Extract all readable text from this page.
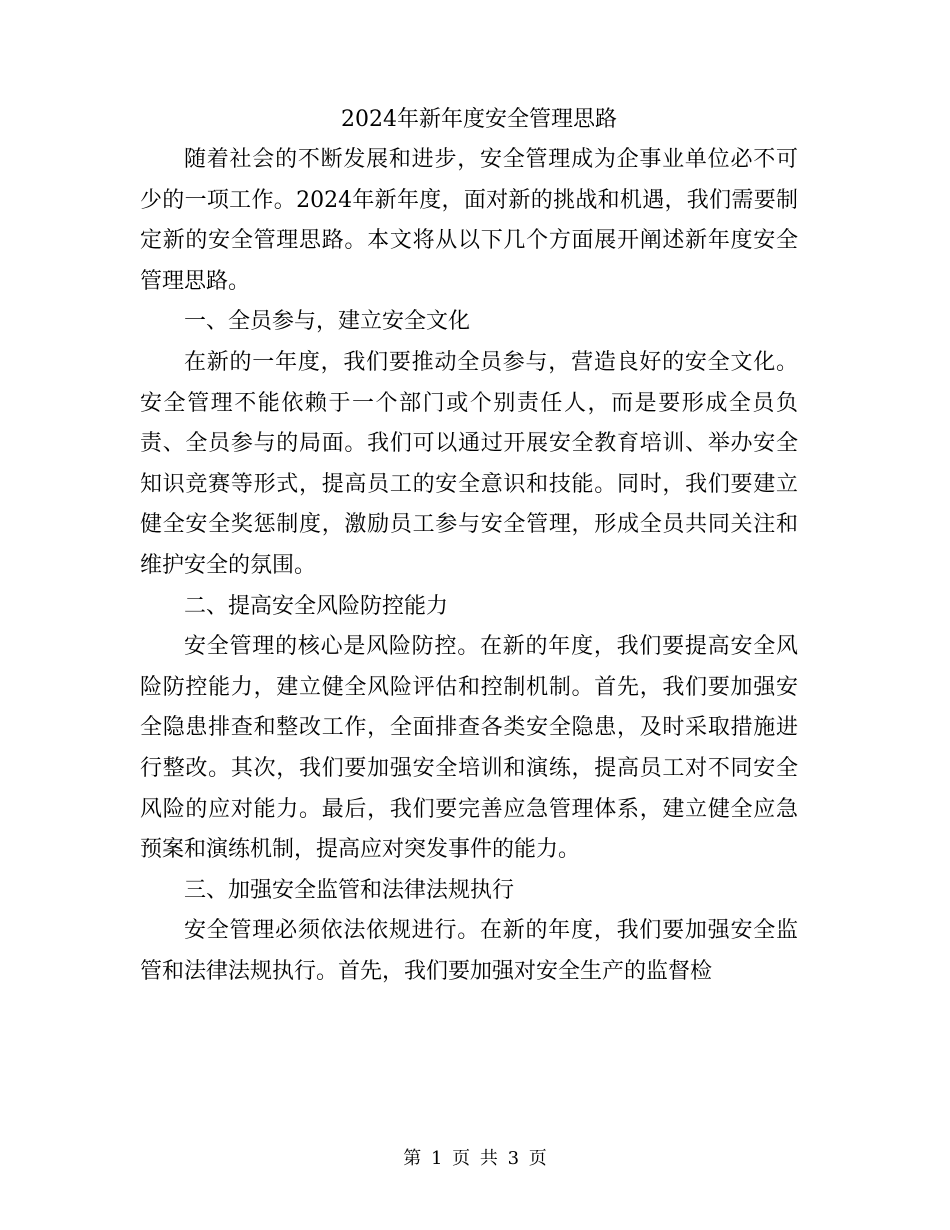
2024年新年度安全管理思路

随着社会的不断发展和进步，安全管理成为企事业单位必不可少的一项工作。2024年新年度，面对新的挑战和机遇，我们需要制定新的安全管理思路。本文将从以下几个方面展开阐述新年度安全管理思路。

一、全员参与，建立安全文化

在新的一年度，我们要推动全员参与，营造良好的安全文化。安全管理不能依赖于一个部门或个别责任人，而是要形成全员负责、全员参与的局面。我们可以通过开展安全教育培训、举办安全知识竞赛等形式，提高员工的安全意识和技能。同时，我们要建立健全安全奖惩制度，激励员工参与安全管理，形成全员共同关注和维护安全的氛围。

二、提高安全风险防控能力

安全管理的核心是风险防控。在新的年度，我们要提高安全风险防控能力，建立健全风险评估和控制机制。首先，我们要加强安全隐患排查和整改工作，全面排查各类安全隐患，及时采取措施进行整改。其次，我们要加强安全培训和演练，提高员工对不同安全风险的应对能力。最后，我们要完善应急管理体系，建立健全应急预案和演练机制，提高应对突发事件的能力。

三、加强安全监管和法律法规执行

安全管理必须依法依规进行。在新的年度，我们要加强安全监管和法律法规执行。首先，我们要加强对安全生产的监督检

第 1 页 共 3 页
